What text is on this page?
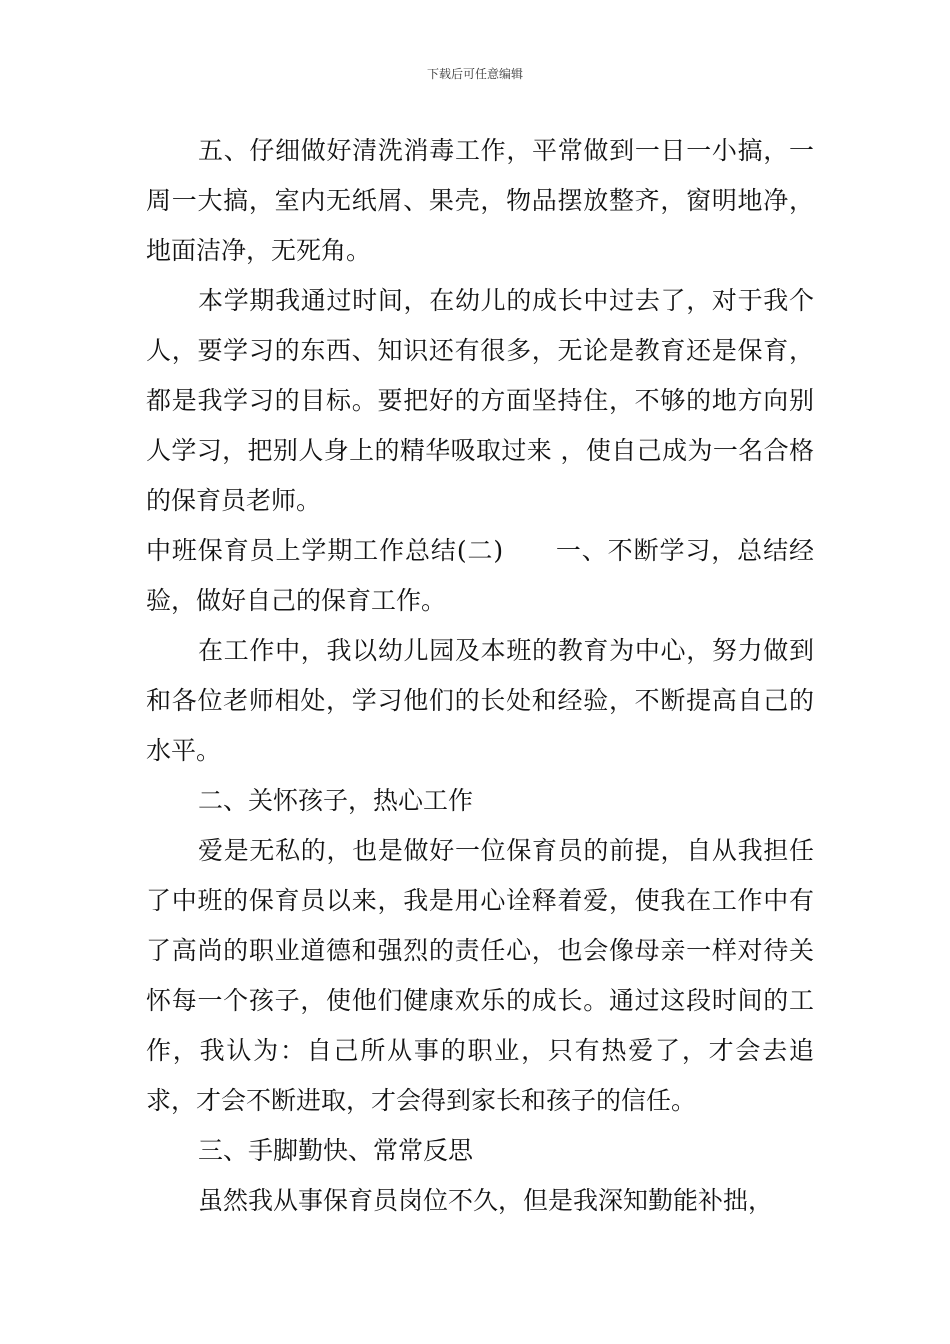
下载后可任意编辑

五、仔细做好清洗消毒工作，平常做到一日一小搞，一周一大搞，室内无纸屑、果壳，物品摆放整齐，窗明地净，地面洁净，无死角。

本学期我通过时间，在幼儿的成长中过去了，对于我个人，要学习的东西、知识还有很多，无论是教育还是保育，都是我学习的目标。要把好的方面坚持住，不够的地方向别人学习，把别人身上的精华吸取过来 ，使自己成为一名合格的保育员老师。

中班保育员上学期工作总结(二)　　一、不断学习，总结经验，做好自己的保育工作。

在工作中，我以幼儿园及本班的教育为中心，努力做到和各位老师相处，学习他们的长处和经验，不断提高自己的水平。

二、关怀孩子，热心工作

爱是无私的，也是做好一位保育员的前提，自从我担任了中班的保育员以来，我是用心诠释着爱，使我在工作中有了高尚的职业道德和强烈的责任心，也会像母亲一样对待关怀每一个孩子，使他们健康欢乐的成长。通过这段时间的工作，我认为：自己所从事的职业，只有热爱了，才会去追求，才会不断进取，才会得到家长和孩子的信任。

三、手脚勤快、常常反思

虽然我从事保育员岗位不久，但是我深知勤能补拙，
